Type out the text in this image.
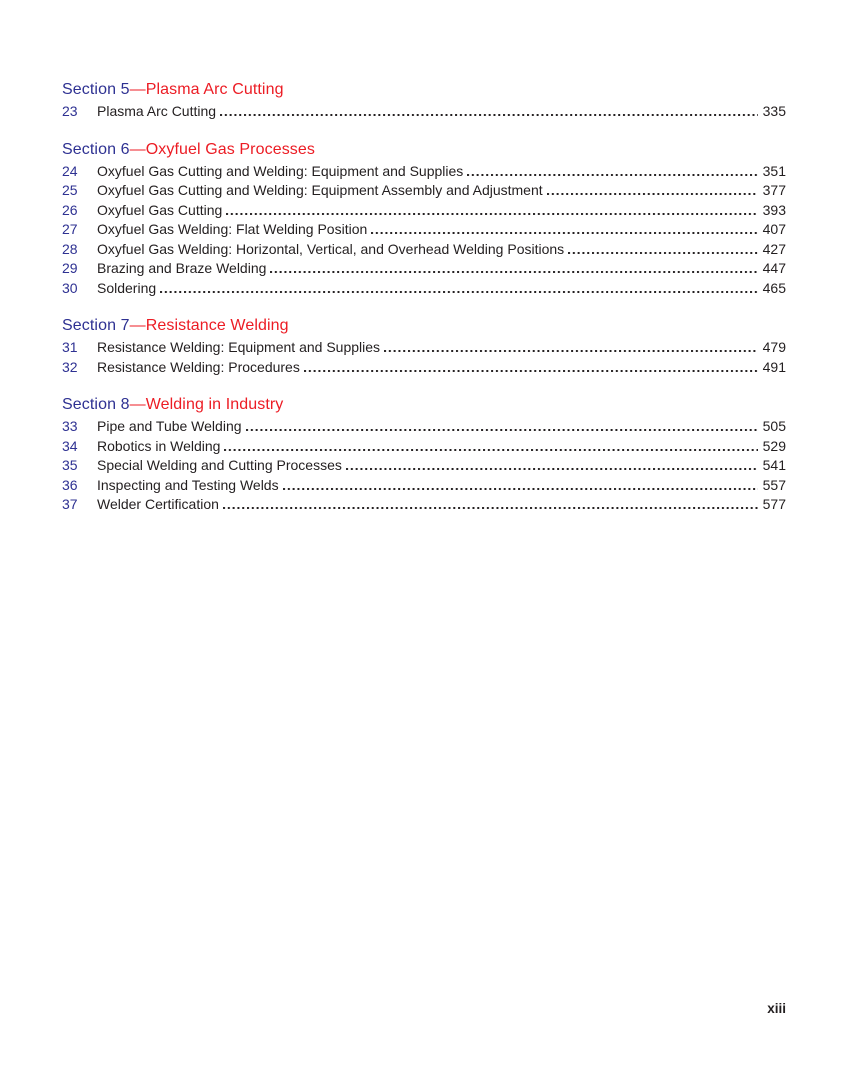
Section 5—Plasma Arc Cutting
23	Plasma Arc Cutting	335
Section 6—Oxyfuel Gas Processes
24	Oxyfuel Gas Cutting and Welding: Equipment and Supplies	351
25	Oxyfuel Gas Cutting and Welding: Equipment Assembly and Adjustment	377
26	Oxyfuel Gas Cutting	393
27	Oxyfuel Gas Welding: Flat Welding Position	407
28	Oxyfuel Gas Welding: Horizontal, Vertical, and Overhead Welding Positions	427
29	Brazing and Braze Welding	447
30	Soldering	465
Section 7—Resistance Welding
31	Resistance Welding: Equipment and Supplies	479
32	Resistance Welding: Procedures	491
Section 8—Welding in Industry
33	Pipe and Tube Welding	505
34	Robotics in Welding	529
35	Special Welding and Cutting Processes	541
36	Inspecting and Testing Welds	557
37	Welder Certification	577
xiii
